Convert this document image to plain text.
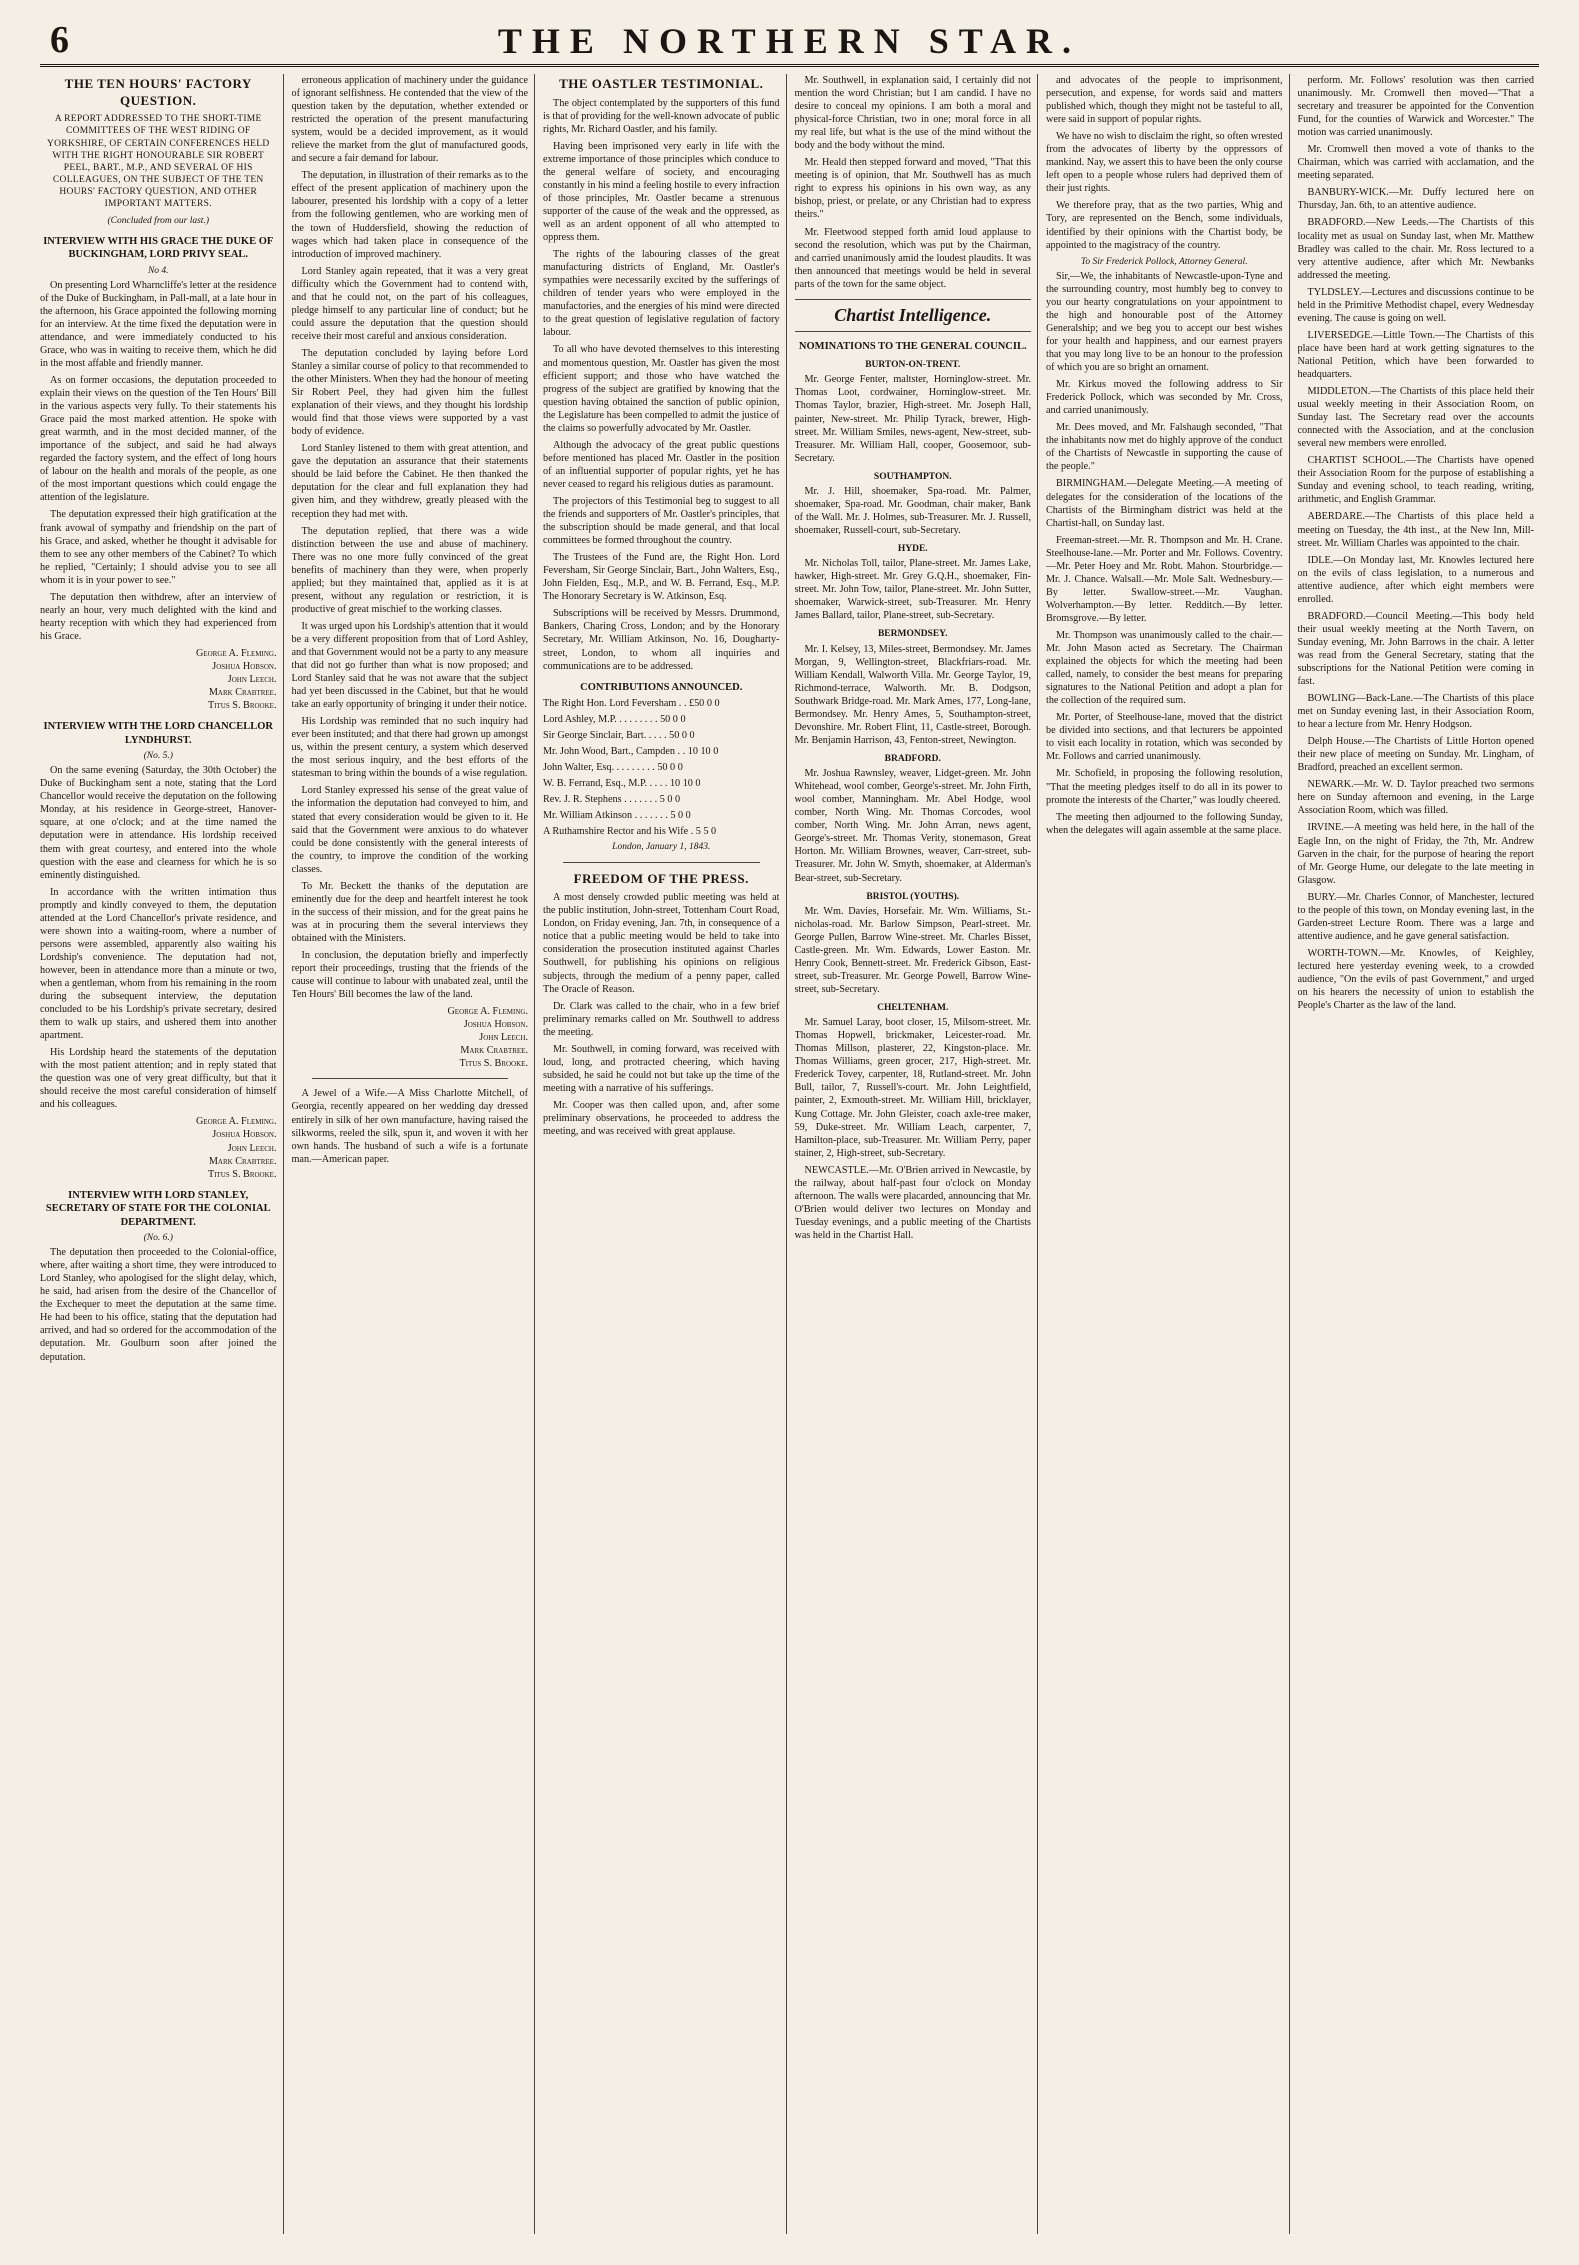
6	THE NORTHERN STAR.
THE TEN HOURS' FACTORY QUESTION.
A REPORT ADDRESSED TO THE SHORT-TIME COMMITTEES OF THE WEST RIDING OF YORKSHIRE, OF CERTAIN CONFERENCES HELD WITH THE RIGHT HONOURABLE SIR ROBERT PEEL, BART., M.P., AND SEVERAL OF HIS COLLEAGUES, ON THE SUBJECT OF THE TEN HOURS' FACTORY QUESTION, AND OTHER IMPORTANT MATTERS.
(Concluded from our last.)
INTERVIEW WITH HIS GRACE THE DUKE OF BUCKINGHAM, LORD PRIVY SEAL.
No 4.

On presenting Lord Wharncliffe's letter at the residence of the Duke of Buckingham, in Pall-mall, at a late hour in the afternoon, his Grace appointed the following morning for an interview. At the time fixed the deputation were in attendance, and were immediately conducted to his Grace, who was in waiting to receive them, which he did in the most affable and friendly manner.

As on former occasions, the deputation proceeded to explain their views on the question of the Ten Hours' Bill in the various aspects very fully. To their statements his Grace paid the most marked attention. He spoke with great warmth, and in the most decided manner, of the importance of the subject, and said he had always regarded the factory system, and the effect of long hours of labour on the health and morals of the people, as one of the most important questions which could engage the attention of the legislature.

The deputation expressed their high gratification at the frank avowal of sympathy and friendship on the part of his Grace, and asked, whether he thought it advisable for them to see any other members of the Cabinet? To which he replied, "Certainly; I should advise you to see all whom it is in your power to see."

The deputation then withdrew, after an interview of nearly an hour, very much delighted with the kind and hearty reception with which they had experienced from his Grace.

George A. Fleming.
Joshua Hobson.
John Leech.
Mark Crabtree.
Titus S. Brooke.
INTERVIEW WITH THE LORD CHANCELLOR LYNDHURST.
(No. 5.)

On the same evening (Saturday, the 30th October) the Duke of Buckingham sent a note, stating that the Lord Chancellor would receive the deputation on the following Monday, at his residence in George-street, Hanover-square, at one o'clock; and at the time named the deputation were in attendance. His lordship received them with great courtesy, and entered into the whole question with the ease and clearness for which he is so eminently distinguished.

In accordance with the written intimation thus promptly and kindly conveyed to them, the deputation attended at the Lord Chancellor's private residence, and were shown into a waiting-room, where a number of persons were assembled, apparently also waiting his Lordship's convenience. The deputation had not, however, been in attendance more than a minute or two, when a gentleman, whom from his remaining in the room during the subsequent interview, the deputation concluded to be his Lordship's private secretary, desired them to walk up stairs, and ushered them into another apartment.

His Lordship heard the statements of the deputation with the most patient attention; and in reply stated that the question was one of very great difficulty, but that it should receive the most careful consideration of himself and his colleagues.

George A. Fleming.
Joshua Hobson.
John Leech.
Mark Crabtree.
Titus S. Brooke.
INTERVIEW WITH LORD STANLEY, SECRETARY OF STATE FOR THE COLONIAL DEPARTMENT.
(No. 6.)

The deputation then proceeded to the Colonial-office, where, after waiting a short time, they were introduced to Lord Stanley, who apologised for the slight delay, which, he said, had arisen from the desire of the Chancellor of the Exchequer to meet the deputation at the same time. He had been to his office, stating that the deputation had arrived, and had so ordered for the accommodation of the deputation. Mr. Goulburn soon after joined the deputation.

erroneous application of machinery under the guidance of ignorant selfishness. He contended that the view of the question taken by the deputation, whether extended or restricted the operation of the present manufacturing system, would be a decided improvement, as it would relieve the market from the glut of manufactured goods, and secure a fair demand for labour.

The deputation, in illustration of their remarks as to the effect of the present application of machinery upon the labourer, presented his lordship with a copy of a letter from the following gentlemen, who are working men of the town of Huddersfield, showing the reduction of wages which had taken place in consequence of the introduction of improved machinery.

Lord Stanley again repeated, that it was a very great difficulty which the Government had to contend with, and that he could not, on the part of his colleagues, pledge himself to any particular line of conduct; but he could assure the deputation that the question should receive their most careful and anxious consideration.

The deputation concluded by laying before Lord Stanley a similar course of policy to that recommended to the other Ministers. When they had the honour of meeting Sir Robert Peel, they had given him the fullest explanation of their views, and they thought his lordship would find that those views were supported by a vast body of evidence.

Lord Stanley listened to them with great attention, and gave the deputation an assurance that their statements should be laid before the Cabinet. He then thanked the deputation for the clear and full explanation they had given him, and they withdrew, greatly pleased with the reception they had met with.

The deputation replied, that there was a wide distinction between the use and abuse of machinery. There was no one more fully convinced of the great benefits of machinery than they were, when properly applied; but they maintained that, applied as it is at present, without any regulation or restriction, it is productive of great mischief to the working classes.

It was urged upon his Lordship's attention that it would be a very different proposition from that of Lord Ashley, and that Government would not be a party to any measure that did not go further than what is now proposed; and Lord Stanley said that he was not aware that the subject had yet been discussed in the Cabinet, but that he would take an early opportunity of bringing it under their notice.

His Lordship was reminded that no such inquiry had ever been instituted; and that there had grown up amongst us, within the present century, a system which deserved the most serious inquiry, and the best efforts of the statesman to bring within the bounds of a wise regulation.

Lord Stanley expressed his sense of the great value of the information the deputation had conveyed to him, and stated that every consideration would be given to it. He said that the Government were anxious to do whatever could be done consistently with the general interests of the country, to improve the condition of the working classes.

To Mr. Beckett the thanks of the deputation are eminently due for the deep and heartfelt interest he took in the success of their mission, and for the great pains he was at in procuring them the several interviews they obtained with the Ministers.

In conclusion, the deputation briefly and imperfectly report their proceedings, trusting that the friends of the cause will continue to labour with unabated zeal, until the Ten Hours' Bill becomes the law of the land.

George A. Fleming.
Joshua Hobson.
John Leech.
Mark Crabtree.
Titus S. Brooke.

A Jewel of a Wife.—A Miss Charlotte Mitchell, of Georgia, recently appeared on her wedding day dressed entirely in silk of her own manufacture, having raised the silkworms, reeled the silk, spun it, and woven it with her own hands. The husband of such a wife is a fortunate man.—American paper.

THE OASTLER TESTIMONIAL.

The object contemplated by the supporters of this fund is that of providing for the well-known advocate of public rights, Mr. Richard Oastler, and his family.

Having been imprisoned very early in life with the extreme importance of those principles which conduce to the general welfare of society, and encouraging constantly in his mind a feeling hostile to every infraction of those principles, Mr. Oastler became a strenuous supporter of the cause of the weak and the oppressed, as well as an ardent opponent of all who attempted to oppress them.

The rights of the labouring classes of the great manufacturing districts of England, Mr. Oastler's sympathies were necessarily excited by the sufferings of children of tender years who were employed in the manufactories, and the energies of his mind were directed to the great question of legislative regulation of factory labour.

To all who have devoted themselves to this interesting and momentous question, Mr. Oastler has given the most efficient support; and those who have watched the progress of the subject are gratified by knowing that the question having obtained the sanction of public opinion, the Legislature has been compelled to admit the justice of the claims so powerfully advocated by Mr. Oastler.

Although the advocacy of the great public questions before mentioned has placed Mr. Oastler in the position of an influential supporter of popular rights, yet he has never ceased to regard his religious duties as paramount.

The projectors of this Testimonial beg to suggest to all the friends and supporters of Mr. Oastler's principles, that the subscription should be made general, and that local committees be formed throughout the country.

The Trustees of the Fund are, the Right Hon. Lord Feversham, Sir George Sinclair, Bart., John Walters, Esq., John Fielden, Esq., M.P., and W. B. Ferrand, Esq., M.P. The Honorary Secretary is W. Atkinson, Esq.

Subscriptions will be received by Messrs. Drummond, Bankers, Charing Cross, London; and by the Honorary Secretary, Mr. William Atkinson, No. 16, Dougharty-street, London, to whom all inquiries and communications are to be addressed.

CONTRIBUTIONS ANNOUNCED.

The Right Hon. Lord Feversham . . £50 0 0

Lord Ashley, M.P. . . . . . . . . 50 0 0

Sir George Sinclair, Bart. . . . . 50 0 0

Mr. John Wood, Bart., Campden . . 10 10 0

John Walter, Esq. . . . . . . . . 50 0 0

W. B. Ferrand, Esq., M.P. . . . . 10 10 0

Rev. J. R. Stephens . . . . . . . 5 0 0

Mr. William Atkinson . . . . . . . 5 0 0

A Ruthamshire Rector and his Wife . 5 5 0

London, January 1, 1843.
FREEDOM OF THE PRESS.

A most densely crowded public meeting was held at the public institution, John-street, Tottenham Court Road, London, on Friday evening, Jan. 7th, in consequence of a notice that a public meeting would be held to take into consideration the prosecution instituted against Charles Southwell, for publishing his opinions on religious subjects, through the medium of a penny paper, called The Oracle of Reason.

Dr. Clark was called to the chair, who in a few brief preliminary remarks called on Mr. Southwell to address the meeting.

Mr. Southwell, in coming forward, was received with loud, long, and protracted cheering, which having subsided, he said he could not but take up the time of the meeting with a narrative of his sufferings.

Mr. Cooper was then called upon, and, after some preliminary observations, he proceeded to address the meeting, and was received with great applause.

Mr. Southwell, in explanation said, I certainly did not mention the word Christian; but I am candid. I have no desire to conceal my opinions. I am both a moral and physical-force Christian, two in one; moral force in all my real life, but what is the use of the mind without the body and the body without the mind.

Mr. Heald then stepped forward and moved, "That this meeting is of opinion, that Mr. Southwell has as much right to express his opinions in his own way, as any bishop, priest, or prelate, or any Christian had to express theirs."

Mr. Fleetwood stepped forth amid loud applause to second the resolution, which was put by the Chairman, and carried unanimously amid the loudest plaudits. It was then announced that meetings would be held in several parts of the town for the same object.

Chartist Intelligence.
NOMINATIONS TO THE GENERAL COUNCIL.
BURTON-ON-TRENT.

Mr. George Fenter, maltster, Horninglow-street. Mr. Thomas Loot, cordwainer, Horninglow-street. Mr. Thomas Taylor, brazier, High-street. Mr. Joseph Hall, painter, New-street. Mr. Philip Tyrack, brewer, High-street. Mr. William Smiles, news-agent, New-street, sub-Treasurer. Mr. William Hall, cooper, Goosemoor, sub-Secretary.

SOUTHAMPTON.

Mr. J. Hill, shoemaker, Spa-road. Mr. Palmer, shoemaker, Spa-road. Mr. Goodman, chair maker, Bank of the Wall. Mr. J. Holmes, sub-Treasurer. Mr. J. Russell, shoemaker, Russell-court, sub-Secretary.

HYDE.

Mr. Nicholas Toll, tailor, Plane-street. Mr. James Lake, hawker, High-street. Mr. Grey G.Q.H., shoemaker, Fin-street. Mr. John Tow, tailor, Plane-street. Mr. John Sutter, shoemaker, Warwick-street, sub-Treasurer. Mr. Henry James Ballard, tailor, Plane-street, sub-Secretary.

BERMONDSEY.

Mr. I. Kelsey, 13, Miles-street, Bermondsey. Mr. James Morgan, 9, Wellington-street, Blackfriars-road. Mr. William Kendall, Walworth Villa. Mr. George Taylor, 19, Richmond-terrace, Walworth. Mr. B. Dodgson, Southwark Bridge-road. Mr. Mark Ames, 177, Long-lane, Bermondsey. Mr. Henry Ames, 5, Southampton-street, Devonshire. Mr. Robert Flint, 11, Castle-street, Borough. Mr. Benjamin Harrison, 43, Fenton-street, Newington.

BRADFORD.

Mr. Joshua Rawnsley, weaver, Lidget-green. Mr. John Whitehead, wool comber, George's-street. Mr. John Firth, wool comber, Manningham. Mr. Abel Hodge, wool comber, North Wing. Mr. Thomas Corcodes, wool comber, North Wing. Mr. John Arran, news agent, George's-street. Mr. Thomas Verity, stonemason, Great Horton. Mr. William Brownes, weaver, Carr-street, sub-Treasurer. Mr. John W. Smyth, shoemaker, at Alderman's Bear-street, sub-Secretary.

BRISTOL (YOUTHS).

Mr. Wm. Davies, Horsefair. Mr. Wm. Williams, St.-nicholas-road. Mr. Barlow Simpson, Pearl-street. Mr. George Pullen, Barrow Wine-street. Mr. Charles Bisset, Castle-green. Mr. Wm. Edwards, Lower Easton. Mr. Henry Cook, Bennett-street. Mr. Frederick Gibson, East-street, sub-Treasurer. Mr. George Powell, Barrow Wine-street, sub-Secretary.

CHELTENHAM.

Mr. Samuel Laray, boot closer, 15, Milsom-street. Mr. Thomas Hopwell, brickmaker, Leicester-road. Mr. Thomas Millson, plasterer, 22, Kingston-place. Mr. Thomas Williams, green grocer, 217, High-street. Mr. Frederick Tovey, carpenter, 18, Rutland-street. Mr. John Bull, tailor, 7, Russell's-court. Mr. John Leightfield, painter, 2, Exmouth-street. Mr. William Hill, bricklayer, Kung Cottage. Mr. John Gleister, coach axle-tree maker, 59, Duke-street. Mr. William Leach, carpenter, 7, Hamilton-place, sub-Treasurer. Mr. William Perry, paper stainer, 2, High-street, sub-Secretary.

NEWCASTLE.—Mr. O'Brien arrived in Newcastle, by the railway, about half-past four o'clock on Monday afternoon. The walls were placarded, announcing that Mr. O'Brien would deliver two lectures on Monday and Tuesday evenings, and a public meeting of the Chartists was held in the Chartist Hall.

and advocates of the people to imprisonment, persecution, and expense, for words said and matters published which, though they might not be tasteful to all, were said in support of popular rights.

We have no wish to disclaim the right, so often wrested from the advocates of liberty by the oppressors of mankind. Nay, we assert this to have been the only course left open to a people whose rulers had deprived them of their just rights.

We therefore pray, that as the two parties, Whig and Tory, are represented on the Bench, some individuals, identified by their opinions with the Chartist body, be appointed to the magistracy of the country.

To Sir Frederick Pollock, Attorney General.

Sir,—We, the inhabitants of Newcastle-upon-Tyne and the surrounding country, most humbly beg to convey to you our hearty congratulations on your appointment to the high and honourable post of the Attorney Generalship; and we beg you to accept our best wishes for your health and happiness, and our earnest prayers that you may long live to be an honour to the profession of which you are so bright an ornament.

Mr. Kirkus moved the following address to Sir Frederick Pollock, which was seconded by Mr. Cross, and carried unanimously.

Mr. Dees moved, and Mr. Falshaugh seconded, "That the inhabitants now met do highly approve of the conduct of the Chartists of Newcastle in supporting the cause of the people."

BIRMINGHAM.—Delegate Meeting.—A meeting of delegates for the consideration of the locations of the Chartists of the Birmingham district was held at the Chartist-hall, on Sunday last.

Freeman-street.—Mr. R. Thompson and Mr. H. Crane. Steelhouse-lane.—Mr. Porter and Mr. Follows. Coventry.—Mr. Peter Hoey and Mr. Robt. Mahon. Stourbridge.—Mr. J. Chance. Walsall.—Mr. Mole Salt. Wednesbury.—By letter. Swallow-street.—Mr. Vaughan. Wolverhampton.—By letter. Redditch.—By letter. Bromsgrove.—By letter.

Mr. Thompson was unanimously called to the chair.—Mr. John Mason acted as Secretary. The Chairman explained the objects for which the meeting had been called, namely, to consider the best means for preparing signatures to the National Petition and adopt a plan for the collection of the required sum.

Mr. Porter, of Steelhouse-lane, moved that the district be divided into sections, and that lecturers be appointed to visit each locality in rotation, which was seconded by Mr. Follows and carried unanimously.

Mr. Schofield, in proposing the following resolution, "That the meeting pledges itself to do all in its power to promote the interests of the Charter," was loudly cheered.

The meeting then adjourned to the following Sunday, when the delegates will again assemble at the same place.

perform. Mr. Follows' resolution was then carried unanimously. Mr. Cromwell then moved—"That a secretary and treasurer be appointed for the Convention Fund, for the counties of Warwick and Worcester." The motion was carried unanimously.

Mr. Cromwell then moved a vote of thanks to the Chairman, which was carried with acclamation, and the meeting separated.

BANBURY-WICK.—Mr. Duffy lectured here on Thursday, Jan. 6th, to an attentive audience.

BRADFORD.—New Leeds.—The Chartists of this locality met as usual on Sunday last, when Mr. Matthew Bradley was called to the chair. Mr. Ross lectured to a very attentive audience, after which Mr. Newbanks addressed the meeting.

TYLDSLEY.—Lectures and discussions continue to be held in the Primitive Methodist chapel, every Wednesday evening. The cause is going on well.

LIVERSEDGE.—Little Town.—The Chartists of this place have been hard at work getting signatures to the National Petition, which have been forwarded to headquarters.

MIDDLETON.—The Chartists of this place held their usual weekly meeting in their Association Room, on Sunday last. The Secretary read over the accounts connected with the Association, and at the conclusion several new members were enrolled.

CHARTIST SCHOOL.—The Chartists have opened their Association Room for the purpose of establishing a Sunday and evening school, to teach reading, writing, arithmetic, and English Grammar.

ABERDARE.—The Chartists of this place held a meeting on Tuesday, the 4th inst., at the New Inn, Mill-street. Mr. William Charles was appointed to the chair.

IDLE.—On Monday last, Mr. Knowles lectured here on the evils of class legislation, to a numerous and attentive audience, after which eight members were enrolled.

BRADFORD.—Council Meeting.—This body held their usual weekly meeting at the North Tavern, on Sunday evening, Mr. John Barrows in the chair. A letter was read from the General Secretary, stating that the subscriptions for the National Petition were coming in fast.

BOWLING—Back-Lane.—The Chartists of this place met on Sunday evening last, in their Association Room, to hear a lecture from Mr. Henry Hodgson.

Delph House.—The Chartists of Little Horton opened their new place of meeting on Sunday. Mr. Lingham, of Bradford, preached an excellent sermon.

NEWARK.—Mr. W. D. Taylor preached two sermons here on Sunday afternoon and evening, in the Large Association Room, which was filled.

IRVINE.—A meeting was held here, in the hall of the Eagle Inn, on the night of Friday, the 7th, Mr. Andrew Garven in the chair, for the purpose of hearing the report of Mr. George Hume, our delegate to the late meeting in Glasgow.

BURY.—Mr. Charles Connor, of Manchester, lectured to the people of this town, on Monday evening last, in the Garden-street Lecture Room. There was a large and attentive audience, and he gave general satisfaction.

WORTH-TOWN.—Mr. Knowles, of Keighley, lectured here yesterday evening week, to a crowded audience, "On the evils of past Government," and urged on his hearers the necessity of union to establish the People's Charter as the law of the land.
